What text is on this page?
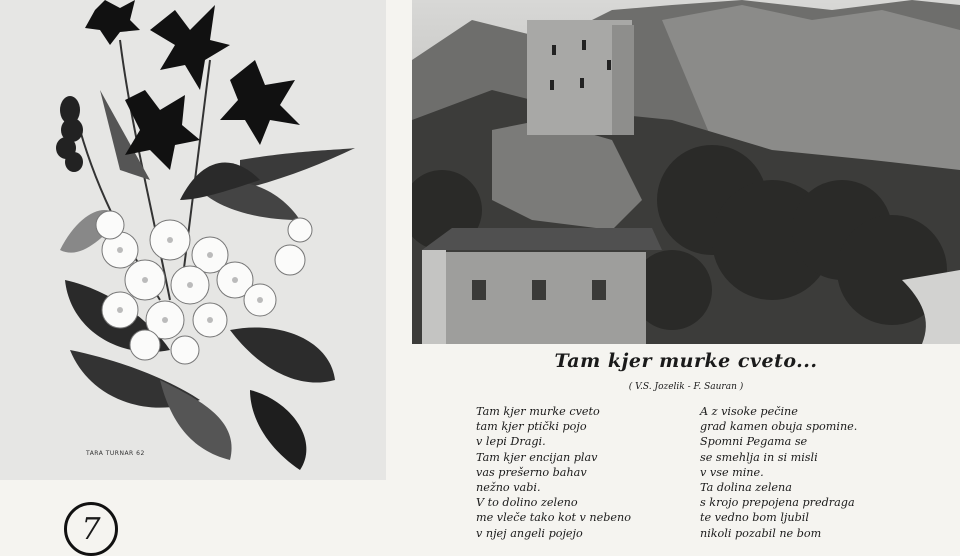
TARA TURNAR 62
7
Tam kjer murke cveto...
( V.S. Jozelik - F. Sauran )
Tam kjer murke cveto
tam kjer ptički pojo
v lepi Dragi.
Tam kjer encijan plav
vas prešerno bahav
nežno vabi.
V to dolino zeleno
me vleče tako kot v nebeno
v njej angeli pojejo
A z visoke pečine
grad kamen obuja spomine.
Spomni Pegama se
se smehlja in si misli
v vse mine.
Ta dolina zelena
s krojo prepojena predraga
te vedno bom ljubil
nikoli pozabil ne bom
